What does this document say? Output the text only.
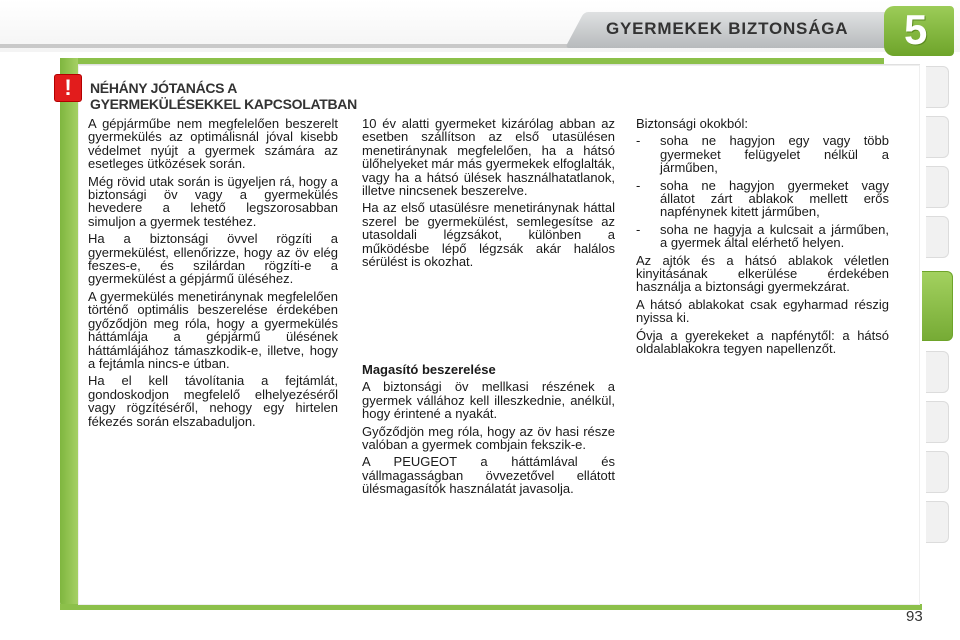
GYERMEKEK BIZTONSÁGA 5
!	NÉHÁNY JÓTANÁCS A
GYERMEKÜLÉSEKKEL KAPCSOLATBAN

A gépjárműbe nem megfelelően beszerelt gyermekülés az optimálisnál jóval kisebb védelmet nyújt a gyermek számára az esetleges ütközések során.

Még rövid utak során is ügyeljen rá, hogy a biztonsági öv vagy a gyermekülés hevedere a lehető legszorosabban simuljon a gyermek testéhez.

Ha a biztonsági övvel rögzíti a gyermekülést, ellenőrizze, hogy az öv elég feszes-e, és szilárdan rögzíti-e a gyermekülést a gépjármű üléséhez.

A gyermekülés menetiránynak megfelelően történő optimális beszerelése érdekében győződjön meg róla, hogy a gyermekülés háttámlája a gépjármű ülésének háttámlájához támaszkodik-e, illetve, hogy a fejtámla nincs-e útban.

Ha el kell távolítania a fejtámlát, gondoskodjon megfelelő elhelyezéséről vagy rögzítéséről, nehogy egy hirtelen fékezés során elszabaduljon.

10 év alatti gyermeket kizárólag abban az esetben szállítson az első utasülésen menetiránynak megfelelően, ha a hátsó ülőhelyeket már más gyermekek elfoglalták, vagy ha a hátsó ülések használhatatlanok, illetve nincsenek beszerelve.

Ha az első utasülésre menetiránynak háttal szerel be gyermekülést, semlegesítse az utasoldali légzsákot, különben a működésbe lépő légzsák akár halálos sérülést is okozhat.

Magasító beszerelése

A biztonsági öv mellkasi részének a gyermek vállához kell illeszkednie, anélkül, hogy érintené a nyakát.

Győződjön meg róla, hogy az öv hasi része valóban a gyermek combjain fekszik-e.

A PEUGEOT a háttámlával és vállmagasságban övvezetővel ellátott ülésmagasítók használatát javasolja.

Biztonsági okokból:

-	soha ne hagyjon egy vagy több gyermeket felügyelet nélkül a járműben,
-	soha ne hagyjon gyermeket vagy állatot zárt ablakok mellett erős napfénynek kitett járműben,
-	soha ne hagyja a kulcsait a járműben, a gyermek által elérhető helyen.

Az ajtók és a hátsó ablakok véletlen kinyitásának elkerülése érdekében használja a biztonsági gyermekzárat.

A hátsó ablakokat csak egyharmad részig nyissa ki.

Óvja a gyerekeket a napfénytől: a hátsó oldalablakokra tegyen napellenzőt.

93
